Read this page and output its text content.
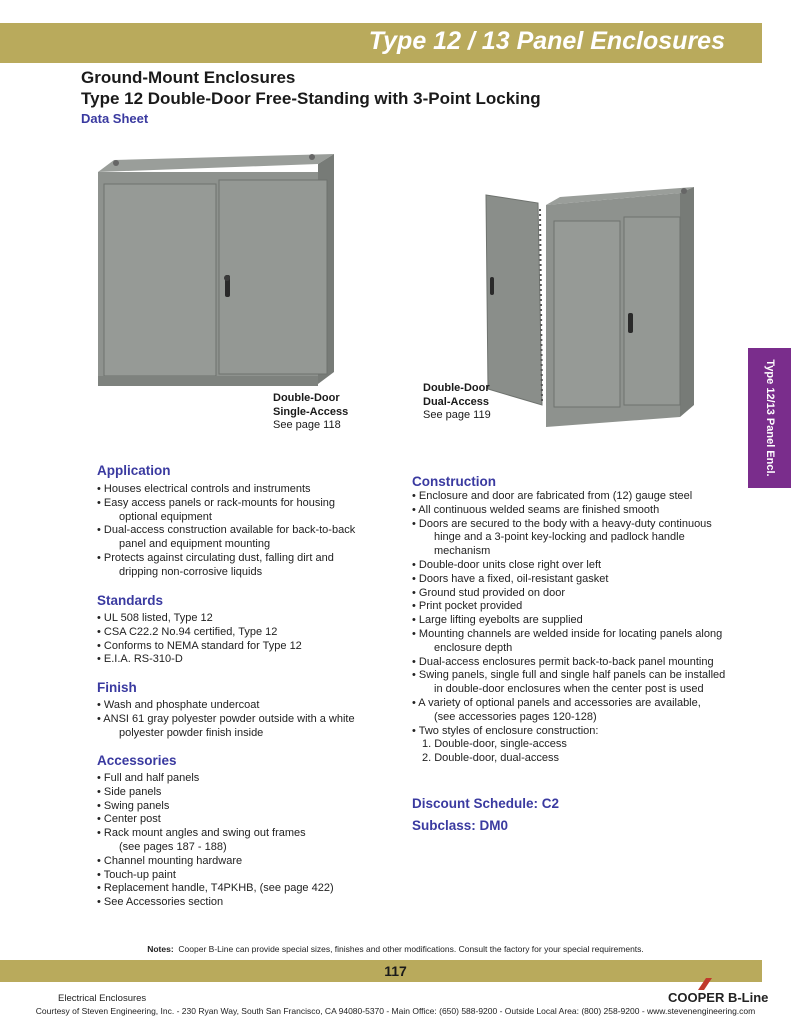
Type 12 / 13 Panel Enclosures
Ground-Mount Enclosures
Type 12 Double-Door Free-Standing with 3-Point Locking
Data Sheet
Double-Door
Single-Access
See page 118
Double-Door
Dual-Access
See page 119	Type 12/13 Panel Encl.
Application
• Houses electrical controls and instruments
• Easy access panels or rack-mounts for housing
optional equipment
• Dual-access construction available for back-to-back
panel and equipment mounting
• Protects against circulating dust, falling dirt and
dripping non-corrosive liquids
Standards
• UL 508 listed, Type 12
• CSA C22.2 No.94 certified, Type 12
• Conforms to NEMA standard for Type 12
• E.I.A. RS-310-D
Finish
• Wash and phosphate undercoat
• ANSI 61 gray polyester powder outside with a white
polyester powder finish inside
Accessories
• Full and half panels
• Side panels
• Swing panels
• Center post
• Rack mount angles and swing out frames
(see pages 187 - 188)
• Channel mounting hardware
• Touch-up paint
• Replacement handle, T4PKHB, (see page 422)
• See Accessories section
Construction
• Enclosure and door are fabricated from (12) gauge steel
• All continuous welded seams are finished smooth
• Doors are secured to the body with a heavy-duty continuous
hinge and a 3-point key-locking and padlock handle
mechanism
• Double-door units close right over left
• Doors have a fixed, oil-resistant gasket
• Ground stud provided on door
• Print pocket provided
• Large lifting eyebolts are supplied
• Mounting channels are welded inside for locating panels along
enclosure depth
• Dual-access enclosures permit back-to-back panel mounting
• Swing panels, single full and single half panels can be installed
in double-door enclosures when the center post is used
• A variety of optional panels and accessories are available,
(see accessories pages 120-128)
• Two styles of enclosure construction:
1. Double-door, single-access
2. Double-door, dual-access
Discount Schedule: C2
Subclass: DM0
Notes: Cooper B-Line can provide special sizes, finishes and other modifications. Consult the factory for your special requirements.
117
Electrical Enclosures	COOPER B-Line
Courtesy of Steven Engineering, Inc. - 230 Ryan Way, South San Francisco, CA 94080-5370 - Main Office: (650) 588-9200 - Outside Local Area: (800) 258-9200 - www.stevenengineering.com
